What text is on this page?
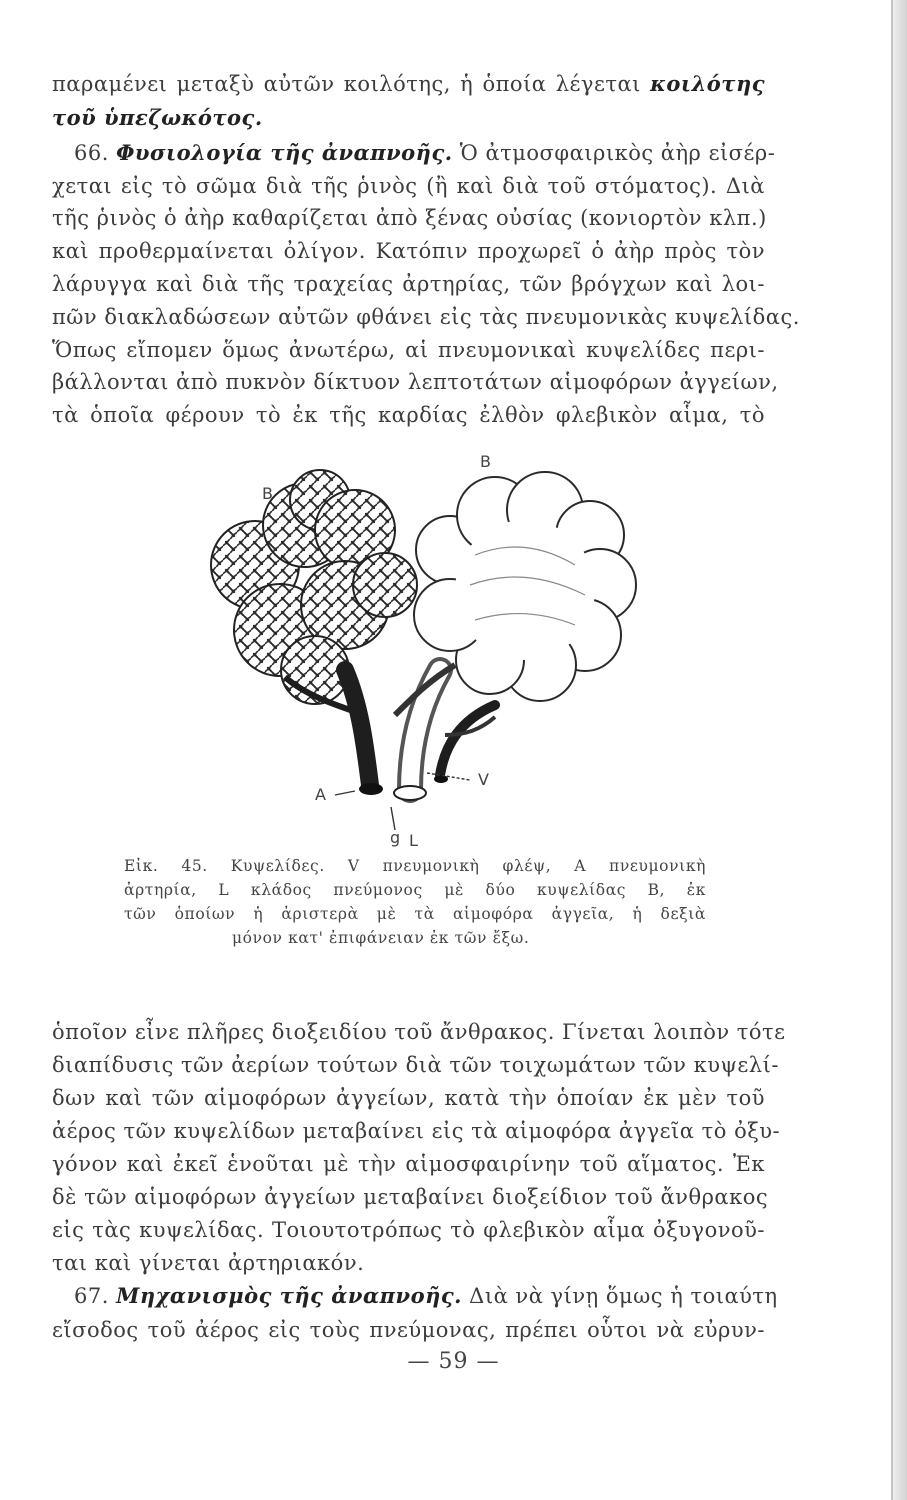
παραμένει μεταξὺ αὐτῶν κοιλότης, ἡ ὁποία λέγεται κοιλότης
τοῦ ὑπεζωκότος.
66. Φυσιολογία τῆς ἀναπνοῆς. Ὁ ἀτμοσφαιρικὸς ἀὴρ εἰσέρ-
χεται εἰς τὸ σῶμα διὰ τῆς ῥινὸς (ἢ καὶ διὰ τοῦ στόματος). Διὰ
τῆς ῥινὸς ὁ ἀὴρ καθαρίζεται ἀπὸ ξένας οὐσίας (κονιορτὸν κλπ.)
καὶ προθερμαίνεται ὀλίγον. Κατόπιν προχωρεῖ ὁ ἀὴρ πρὸς τὸν
λάρυγγα καὶ διὰ τῆς τραχείας ἀρτηρίας, τῶν βρόγχων καὶ λοι-
πῶν διακλαδώσεων αὐτῶν φθάνει εἰς τὰς πνευμονικὰς κυψελίδας.
Ὅπως εἴπομεν ὅμως ἀνωτέρω, αἱ πνευμονικαὶ κυψελίδες περι-
βάλλονται ἀπὸ πυκνὸν δίκτυον λεπτοτάτων αἱμοφόρων ἀγγείων,
τὰ ὁποῖα φέρουν τὸ ἐκ τῆς καρδίας ἐλθὸν φλεβικὸν αἷμα, τὸ
B
B
A
V
g L
Εἰκ. 45. Κυψελίδες. V πνευμονικὴ φλέψ, A πνευμονικὴ
ἀρτηρία, L κλάδος πνεύμονος μὲ δύο κυψελίδας B, ἐκ
τῶν ὁποίων ἡ ἀριστερὰ μὲ τὰ αἱμοφόρα ἀγγεῖα, ἡ δεξιὰ
μόνον κατ' ἐπιφάνειαν ἐκ τῶν ἔξω.
ὁποῖον εἶνε πλῆρες διοξειδίου τοῦ ἄνθρακος. Γίνεται λοιπὸν τότε
διαπίδυσις τῶν ἀερίων τούτων διὰ τῶν τοιχωμάτων τῶν κυψελί-
δων καὶ τῶν αἱμοφόρων ἀγγείων, κατὰ τὴν ὁποίαν ἐκ μὲν τοῦ
ἀέρος τῶν κυψελίδων μεταβαίνει εἰς τὰ αἱμοφόρα ἀγγεῖα τὸ ὀξυ-
γόνον καὶ ἐκεῖ ἑνοῦται μὲ τὴν αἱμοσφαιρίνην τοῦ αἵματος. Ἐκ
δὲ τῶν αἱμοφόρων ἀγγείων μεταβαίνει διοξείδιον τοῦ ἄνθρακος
εἰς τὰς κυψελίδας. Τοιουτοτρόπως τὸ φλεβικὸν αἷμα ὀξυγονοῦ-
ται καὶ γίνεται ἀρτηριακόν.
67. Μηχανισμὸς τῆς ἀναπνοῆς. Διὰ νὰ γίνῃ ὅμως ἡ τοιαύτη
εἴσοδος τοῦ ἀέρος εἰς τοὺς πνεύμονας, πρέπει οὗτοι νὰ εὐρυν-
— 59 —
